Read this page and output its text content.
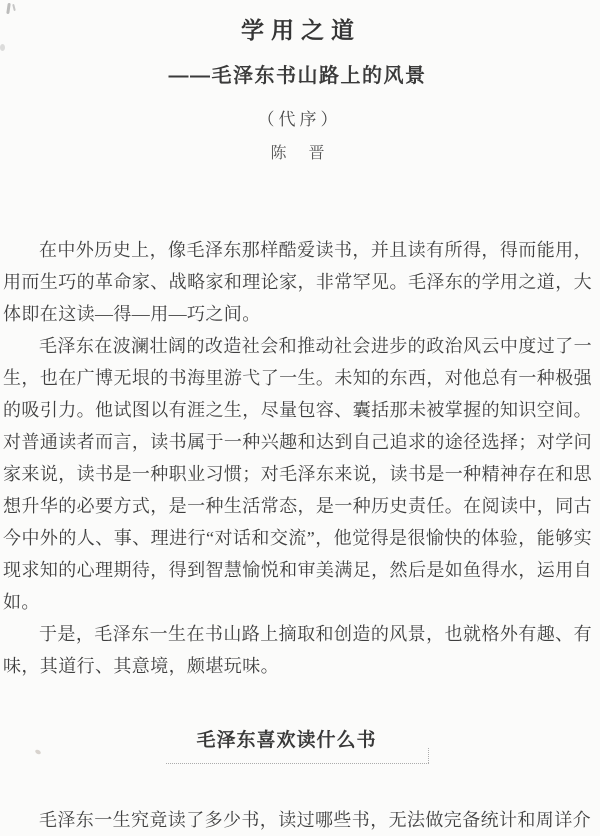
学用之道
——毛泽东书山路上的风景
（代序）
陈　晋

在中外历史上，像毛泽东那样酷爱读书，并且读有所得，得而能用，用而生巧的革命家、战略家和理论家，非常罕见。毛泽东的学用之道，大体即在这读—得—用—巧之间。

毛泽东在波澜壮阔的改造社会和推动社会进步的政治风云中度过了一生，也在广博无垠的书海里游弋了一生。未知的东西，对他总有一种极强的吸引力。他试图以有涯之生，尽量包容、囊括那未被掌握的知识空间。对普通读者而言，读书属于一种兴趣和达到自己追求的途径选择；对学问家来说，读书是一种职业习惯；对毛泽东来说，读书是一种精神存在和思想升华的必要方式，是一种生活常态，是一种历史责任。在阅读中，同古今中外的人、事、理进行“对话和交流”，他觉得是很愉快的体验，能够实现求知的心理期待，得到智慧愉悦和审美满足，然后是如鱼得水，运用自如。

于是，毛泽东一生在书山路上摘取和创造的风景，也就格外有趣、有味，其道行、其意境，颇堪玩味。

毛泽东喜欢读什么书

毛泽东一生究竟读了多少书，读过哪些书，无法做完备统计和周详介
